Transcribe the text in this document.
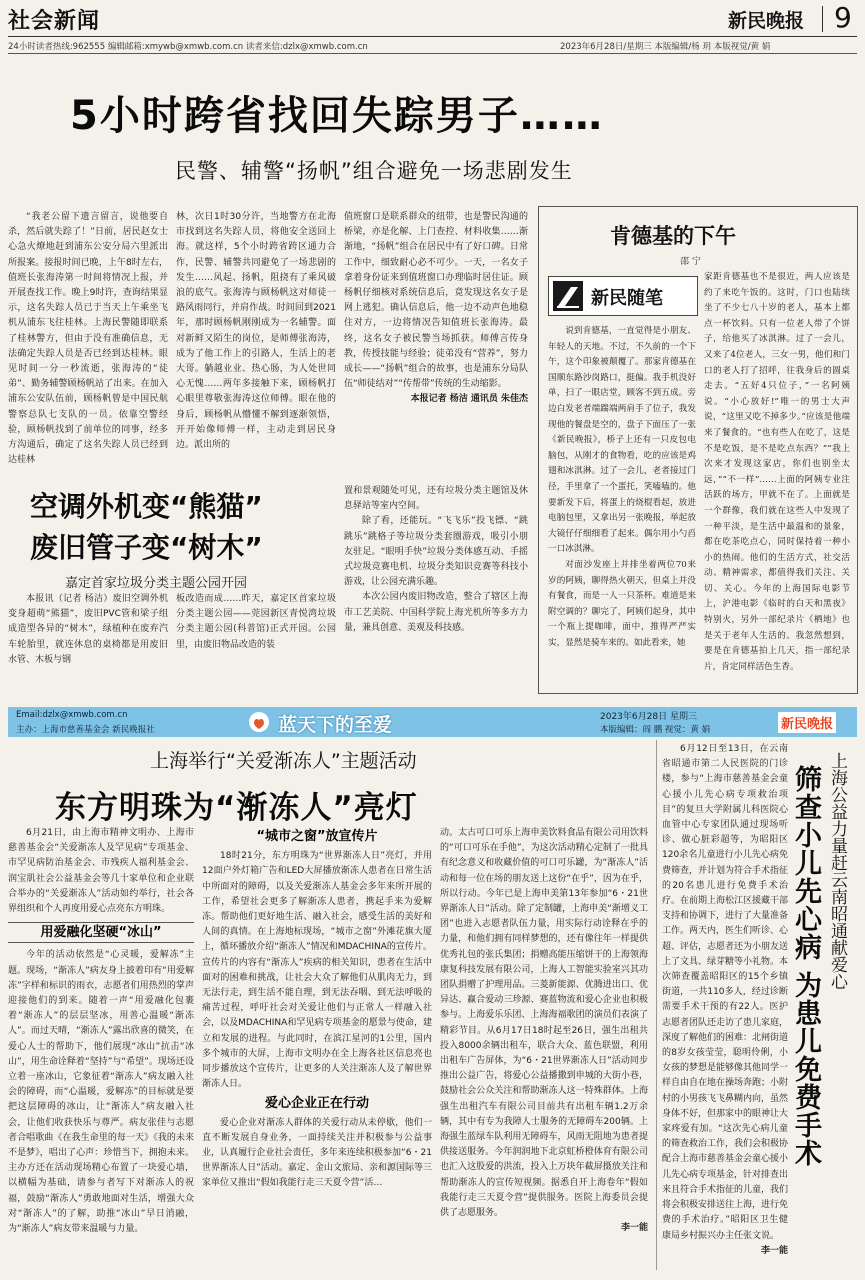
社会新闻	新民晚报 9
24小时读者热线:962555 编辑邮箱:xmywb@xmwb.com.cn 读者来信:dzlx@xmwb.com.cn	2023年6月28日/星期三 本版编辑/杨 玥 本版视觉/黄 娟
5小时跨省找回失踪男子……
民警、辅警“扬帆”组合避免一场悲剧发生

“我老公留下遗言留言，说他要自杀，然后就失踪了！”日前，居民赵女士心急火燎地赶到浦东公安分局六里派出所报案。接报时间已晚，上午8时左右，值班长张海涛第一时间将情况上报，并开展查找工作。晚上9时许，查询结果显示，这名失踪人员已于当天上午乘坐飞机从浦东飞往桂林。上海民警随即联系了桂林警方，但由于没有准确信息，无法确定失踪人员是否已经到达桂林。眼见时间一分一秒流逝，张海涛的“徒弟”、勤务辅警顾杨帆站了出来。在加入浦东公安队伍前，顾杨帆曾是中国民航警察总队七支队的一员。依靠空警经验，顾杨帆找到了前单位的同事，经多方沟通后，确定了这名失踪人员已经到达桂林

林，次日1时30分许，当地警方在北海市找到这名失踪人员，将他安全送回上海。就这样，5个小时跨省跨区通力合作，民警、辅警共同避免了一场悲剧的发生……风起、扬帆，阻挠有了乘风破浪的底气。张海涛与顾杨帆这对师徒一路风雨同行，并肩作战。时间回到2021年，那时顾杨帆刚刚成为一名辅警。面对新鲜又陌生的岗位，是师傅张海涛，成为了他工作上的引路人，生活上的老大哥。躺越业业、热心肠，为人处世同心无愧……两年多接触下来，顾杨帆打心眼里尊敬张海涛这位师傅。眼在他的身后，顾杨帆从懵懂不解到逐渐领悟，开开始像师傅一样，主动走到居民身边。派出所的

值班窗口是联系群众的纽带，也是警民沟通的桥梁，亦是化解、上门查控、材料收集……渐渐地，“扬帆”组合在居民中有了好口碑。日常工作中，细致耐心必不可少。一天，一名女子拿着身份证来到值班窗口办理临时居住证。顾杨帆仔细核对系统信息后，竟发现这名女子是网上逃犯。确认信息后，他一边不动声色地稳住对方，一边将情况告知值班长张海涛。最终，这名女子被民警当场抓获。师傅言传身教，传授技能与经验；徒弟没有“营养”，努力成长——“扬帆”组合的故事，也是浦东分局队伍“师徒结对”“传帮带”传统的生动缩影。

本报记者 杨洁 通讯员 朱佳杰
空调外机变“熊猫”
废旧管子变“树木”
嘉定首家垃圾分类主题公园开园

本报讯（记者 杨洁）废旧空调外机变身超萌“熊猫”，废旧PVC管和梁子组成造型各异的“树木”，绿植种在废弃汽车轮胎里，就连休息的桌椅都是用废旧水管、木板与钢

板改造而成……昨天，嘉定区首家垃圾分类主题公园——莞园新区青悦湾垃圾分类主题公园(科普馆)正式开园。公园里，由废旧物品改造的装

置和景观随处可见，还有垃圾分类主题馆及休息驿站等室内空间。

除了看，还能玩。“飞飞乐”投飞镖、“跳跳乐”跳格子等垃圾分类套圈游戏，吸引小朋友驻足。“眼明手快”垃圾分类体感互动、手摇式垃圾竞赛电机、垃圾分类知识竞赛等科技小游戏，让公园充满乐趣。

本次公园内废旧物改造，整合了辖区上海市工艺美院、中国科学院上海光机所等多方力量，兼具创意、美观及科技感。

肯德基的下午
邵 宁
新民随笔

说到肯德基，一直觉得是小朋友、年轻人的天地。不过，不久前的一个下午，这个印象被颠覆了。那家肯德基在国顺东路沙岗路口，挺偏。我手机没好单，扫了一眼店堂，顾客不到五成。旁边白发老者端踹端两肩手了位子，我发现他的餐盘是空的，盘子下面压了一张《新民晚报》，桥子上还有一只皮包电脑包，从刚才的食物看，吃的应该是鸡翅和冰淇淋。过了一会儿，老者接过门径，手里拿了一个蛋托，笑嗑嗑的。他要新发下后，将蛋上的烧棍看起，放进电脑包里，又拿出另一张晚报，举起放大镜仔仔细细看了起来。偶尔用小勺舀一口冰淇淋。

对面沙发座上并排坐着两位70来岁的阿姨，聊得热火朝天，但桌上并没有餐食，而是一人一只茶杯。难道是来附空调的？聊完了，阿姨们起身，其中一个瓶上提咖啡，面中，推得严严实实，显然是骑车来的。如此看来，她

家距肯德基也不是很近，两人应该是约了来吃午饭的。这时，门口也陆续坐了不少七八十岁的老人，基本上都点一杯饮料。只有一位老人带了个饼子，给他买了冰淇淋。过了一会儿，又来了4位老人，三女一男，他们和门口的老人打了招呼，往我身后的圆桌走去。“五好4只位子，”一名阿姨说。“小心放好!”唯一的男士大声说，“这里又吃不掉多少。”应该是他端来了餐食的。“也有些人在吃了，这是不是吃饭，是不是吃点东西？”“我上次来才发现这家店，你们也别坐太远，”“不一样”……上面的阿姨专业注活跃的场方，甲就不在了。上面就是一个群像，我们就在这些人中发现了一种平淡，是生活中最温和的景象，都在吃茶吃点心，同时保持着一种小小的热闹。他们的生活方式，社交活动、精神需求，都值得我们关注、关切、关心。今年的上海国际电影节上，沪港电影《临时的白天和黑夜》特别火，另外一部纪录片《栖地》也是关于老年人生活的。我忽然想到，要是在肯德基拍上几天，指一部纪录片，肯定同样活色生香。

Email:dzlx@xmwb.com.cn
主办：上海市慈善基金会 新民晚报社	蓝天下的至爱	2023年6月28日 星期三
本版编辑：阎 鹏 视觉：黄 娟	新民晚报
上海举行“关爱渐冻人”主题活动
东方明珠为“渐冻人”亮灯

6月21日，由上海市精神文明办、上海市慈善基金会“关爱渐冻人及罕见病”专项基金、市罕见病防治基金会、市残疾人福利基金会、润宝肌社会公益基金会等几十家单位和企业联合举办的“关爱渐冻人”活动如约举行，社会各界组织和个人再度用爱心点亮东方明珠。

用爱融化坚硬“冰山”

今年的活动依然是“心灵暖，爱解冻”主题。现场，“渐冻人”病友身上披着印有“用爱解冻”字样和标识的雨衣，志愿者们用热烈的掌声迎接他们的到来。随着一声“用爱融化包裹着“渐冻人”的层层坚冰，用善心温暖“渐冻人”。而过天晴，“渐冻人”露出欣喜的微笑，在爱心人士的帮助下，他们展现“冰山”抗击“冰山”，用生命诠释着“坚持”与“希望”。现场还设立着一座冰山，它象征着“渐冻人”病友融入社会的障碍，而“心温暖，爱解冻”的目标就是要把这层障碍的冰山，让“渐冻人”病友融入社会，让他们收获快乐与尊严。病友张佳与志愿者合唱歌曲《在我生命里的每一天》《我的未来不是梦》，唱出了心声：珍惜当下，拥抱未来。主办方还在活动现场精心布置了一块爱心墙，以横幅为基础，请参与者写下对渐冻人的祝福，鼓励“渐冻人”勇敢地面对生活，增强大众对“渐冻人”的了解，助推“冰山”早日消融，为“渐冻人”病友带来温暖与力量。

“城市之窗”放宣传片

18时21分，东方明珠为“世界渐冻人日”亮灯，并用12面户外灯箱广告和LED大屏播放渐冻人患者在日常生活中所面对的障碍，以及关爱渐冻人基金会多年来所开展的工作，希望社会更多了解渐冻人患者，携起手来为爱解冻。帮助他们更好地生活、融入社会，感受生活的美好和人间的真情。在上海地标现场，“城市之窗”外滩花旗大厦上，循环播放介绍“渐冻人”情况和MDACHINA的宣传片。宣传片的内容有“渐冻人”疾病的相关知识，患者在生活中面对的困难和挑战，让社会大众了解他们从肌肉无力，到无法行走，到生活不能自理，到无法吞咽、到无法呼吸的痛苦过程，呼吁社会对关爱让他们与正常人一样融入社会，以及MDACHINA和罕见病专项基金的愿景与使命，建立和发展的进程。与此同时，在滨江星河的1公里，国内多个城市的大屏，上海市文明办在全上海各社区信息亮也同步播放这个宣传片，让更多的人关注渐冻人及了解世界渐冻人日。

爱心企业正在行动

爱心企业对渐冻人群体的关爱行动从未停歇，他们一直不断发展自身业务，一面持续关注并积极参与公益事业，认真履行企业社会责任，多年来连续积极参加“6・21世界渐冻人日”活动。嘉定、金山文旅局、亲和源国际等三家单位又推出“假如我能行走三天夏令营”活…

动。太古可口可乐上海申美饮料食品有限公司用饮料的“可口可乐在手他”，为这次活动精心定制了一批具有纪念意义和收藏价值的可口可乐罐，为“渐冻人”活动和每一位在场的朋友送上这份“在乎”，因为在乎，所以行动。今年已是上海申美第13年参加“6・21世界渐冻人日”活动。除了定制罐，上海申美“渐增义工团”也进入志愿者队伍力量，用实际行动诠释在乎的力量，和他们拥有同样梦想的，还有像往年一样提供优秀礼包的张氏集团；捐赠高能压缩饼干的上海领海康复科技发展有限公司，上海人工智能实验室兴其功团队捐赠了护理用品。三菱新能源、优腾进出口、优异达、赢合爱动三珍源、赛蓝物流和爱心企业也积极参与。上海爱乐乐团、上海海福歌团的演员们表演了精彩节目。从6月17日18时起至26日，强生出租共投入8000余辆出租车，联合大众、蓝色联盟，利用出租车广告屏体，为“6・21世界渐冻人日”活动同步推出公益广告，将爱心公益播撒到申城的大街小巷，鼓励社会公众关注和帮助渐冻人这一特殊群体。上海强生出租汽车有限公司目前共有出租车辆1.2万余辆，其中有专为我障人士服务的无障碍车200辆。上海强生蓝绿车队利用无障碍车，风雨无阻地为患者提供接送服务。今年润润地下北京虹桥橙体育有限公司也汇入这股爱的洪流，投入上万块年截屏摄放关注和帮助渐冻人的宣传短视频。据悉自开上海卷年“假如我能行走三天夏令营”提供服务。医院上海委员会提供了志愿服务。

李一能

6月12日至13日，在云南省昭通市第二人民医院的门诊楼，参与“上海市慈善基金会童心援小儿先心病专项救治项目”的复旦大学附属儿科医院心血管中心专家团队通过现场听诊、做心脏彩超等，为昭阳区120余名儿童进行小儿先心病免费筛查，并计划为符合手术指征的20名患儿进行免费手术治疗。在前期上海松江区援藏干部支持和协调下，进行了大量准备工作。两天内，医生们听诊、心超、评估，志愿者还为小朋友送上了文具、绿芽糖等小礼物。本次筛查覆盖昭阳区的15个乡镇街道，一共110多人，经过诊断需要手术干预的有22人。医护志愿者团队还走访了患儿家庭，深度了解他们的困难：北闸街道的8岁女孩莹莹，聪明伶俐，小女孩的梦想是能够像其他同学一样自由自在地在操场奔跑；小附村的小男孩飞飞鼻糊内向，虽然身体不好，但那家中的眼神让大家疼爱有加。“这次先心病儿童的筛查救治工作，我们会积极协配合上海市慈善基金会童心援小儿先心病专项基金，针对排查出来且符合手术指征的儿童，我们将会积极安排送往上海，进行免费的手术治疗。”昭阳区卫生健康局乡村振兴办主任张文说。

李一能
筛查小儿先心病 为患儿免费手术 上海公益力量赶云南昭通献爱心
